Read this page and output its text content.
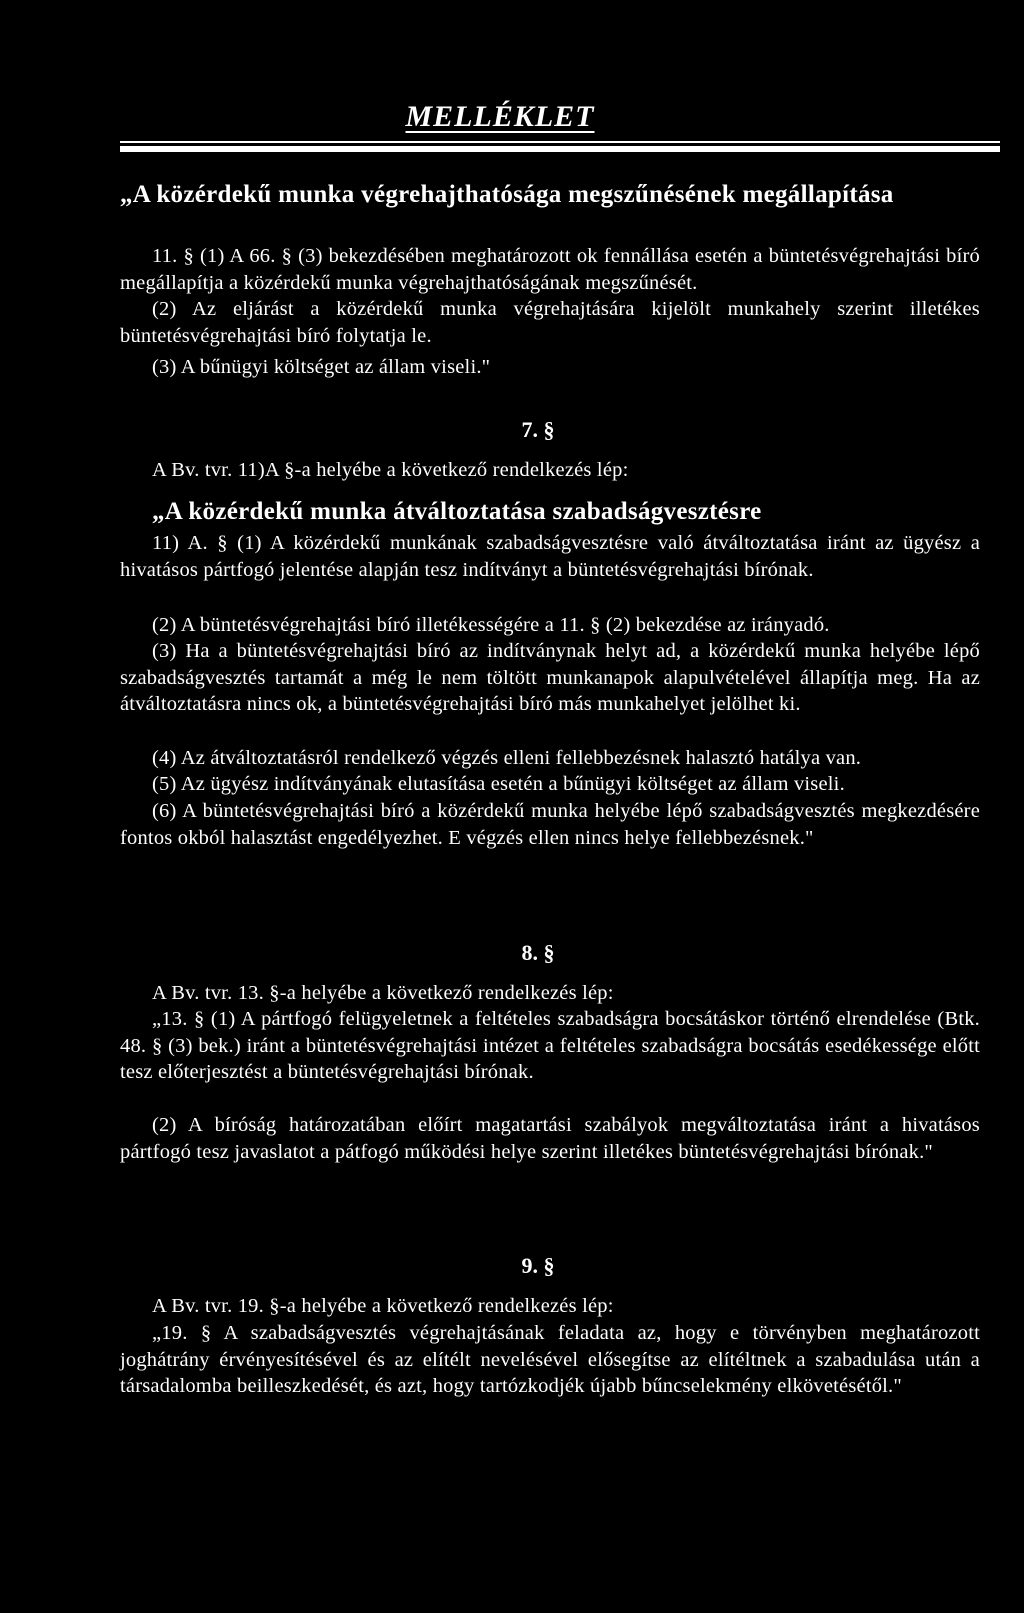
MELLÉKLET
„A közérdekű munka végrehajthatósága megszűnésének megállapítása
11. § (1) A 66. § (3) bekezdésében meghatározott ok fennállása esetén a büntetésvégrehajtási bíró megállapítja a közérdekű munka végrehajthatóságának megszűnését.
(2) Az eljárást a közérdekű munka végrehajtására kijelölt munkahely szerint illetékes büntetésvégrehajtási bíró folytatja le.
(3) A bűnügyi költséget az állam viseli."
7. §
A Bv. tvr. 11)A §-a helyébe a következő rendelkezés lép:
„A közérdekű munka átváltoztatása szabadságvesztésre
11) A. § (1) A közérdekű munkának szabadságvesztésre való átváltoztatása iránt az ügyész a hivatásos pártfogó jelentése alapján tesz indítványt a büntetésvégrehajtási bírónak.
(2) A büntetésvégrehajtási bíró illetékességére a 11. § (2) bekezdése az irányadó.
(3) Ha a büntetésvégrehajtási bíró az indítványnak helyt ad, a közérdekű munka helyébe lépő szabadságvesztés tartamát a még le nem töltött munkanapok alapulvételével állapítja meg. Ha az átváltoztatásra nincs ok, a büntetésvégrehajtási bíró más munkahelyet jelölhet ki.
(4) Az átváltoztatásról rendelkező végzés elleni fellebbezésnek halasztó hatálya van.
(5) Az ügyész indítványának elutasítása esetén a bűnügyi költséget az állam viseli.
(6) A büntetésvégrehajtási bíró a közérdekű munka helyébe lépő szabadságvesztés megkezdésére fontos okból halasztást engedélyezhet. E végzés ellen nincs helye fellebbezésnek."
8. §
A Bv. tvr. 13. §-a helyébe a következő rendelkezés lép:
„13. § (1) A pártfogó felügyeletnek a feltételes szabadságra bocsátáskor történő elrendelése (Btk. 48. § (3) bek.) iránt a büntetésvégrehajtási intézet a feltételes szabadságra bocsátás esedékessége előtt tesz előterjesztést a büntetésvégrehajtási bírónak.
(2) A bíróság határozatában előírt magatartási szabályok megváltoztatása iránt a hivatásos pártfogó tesz javaslatot a pátfogó működési helye szerint illetékes büntetésvégrehajtási bírónak."
9. §
A Bv. tvr. 19. §-a helyébe a következő rendelkezés lép:
„19. § A szabadságvesztés végrehajtásának feladata az, hogy e törvényben meghatározott joghátrány érvényesítésével és az elítélt nevelésével elősegítse az elítéltnek a szabadulása után a társadalomba beilleszkedését, és azt, hogy tartózkodjék újabb bűncselekmény elkövetésétől."
